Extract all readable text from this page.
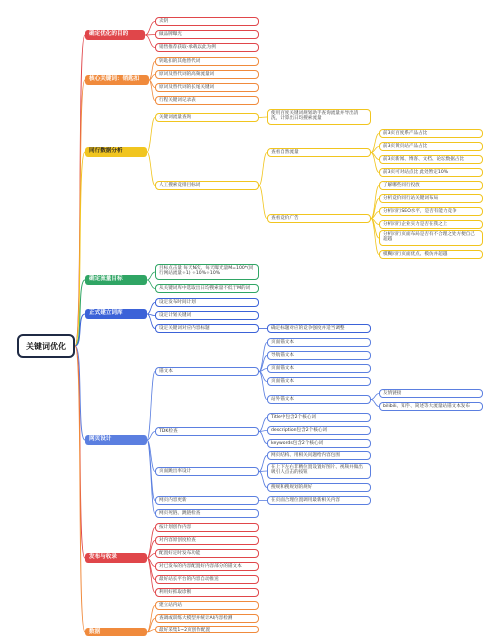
关键词优化
确定优化的目的
核心关键词：销匙扣
同行数据分析
确定流量目标
正式建立词库
网页设计
发布与收录
数据
卖钥
做品牌曝光
销售推荐获取-承载以此为例
钥匙扣的其他替代词
原词及替代词的高频流量词
原词及替代词的长尾关键词
行程关键词记录表
关键词流量查询
使用百度关键词规划助手查询流量并导出清洗，计算出日均搜索流量
人工搜索竞排目标词
查看自然流量
查看竞价广告
前3页百度系产品占比
前3页黄页站产品占比
前3页新闻、博客、文档、论坛数据占比
前3页可对站点比 此处暂定10%
了解哪些同行投放
分析竞价同行站关键词布局
分析同行SEO水平，是否有能力竞争
分析同行企业实力是否在我之上
分析同行页面布局是否有不合理之处方便自己超越
模糊同行页面优点、模仿并超越
目标点击量 每天N次、每天曝光量M=100*(同行网站流量÷1) ÷10%÷10%
从关键词库中选取出日均搜索量不低于M的词
设定发布时间计划
设定计划关键词
设定关键词对应内容标题	确定标题对应的竞争强度并适当调整
锚文本
页面锚文本
导航锚文本
页面锚文本
页面锚文本
站外锚文本
友情链接
bilibili、知乎、简述等大流量站锚文本发布
TDK检查
Title中包含2个核心词
description包含2个核心词
keywords包含2个核心词
页面跳出率设计
网页结构、用相关问题给内容包围
在上下左右非精位置设置好图片、视频并做出吸引人点击的按钮
搜规和搜规划的规好
网页内容更新	在页面合理位置调用最新相关内容
网页死链、跳链检查
按计划创作内容
对内容原创度检查
配置好定时发布功能
对已发布的内容配置好内容部分的锚文本
最好站长平台的内容自动推送
利用好抓取诊断
建立站内站
查调或训练大模型并统计AI内容检测
最好采集1~2页创作配置
